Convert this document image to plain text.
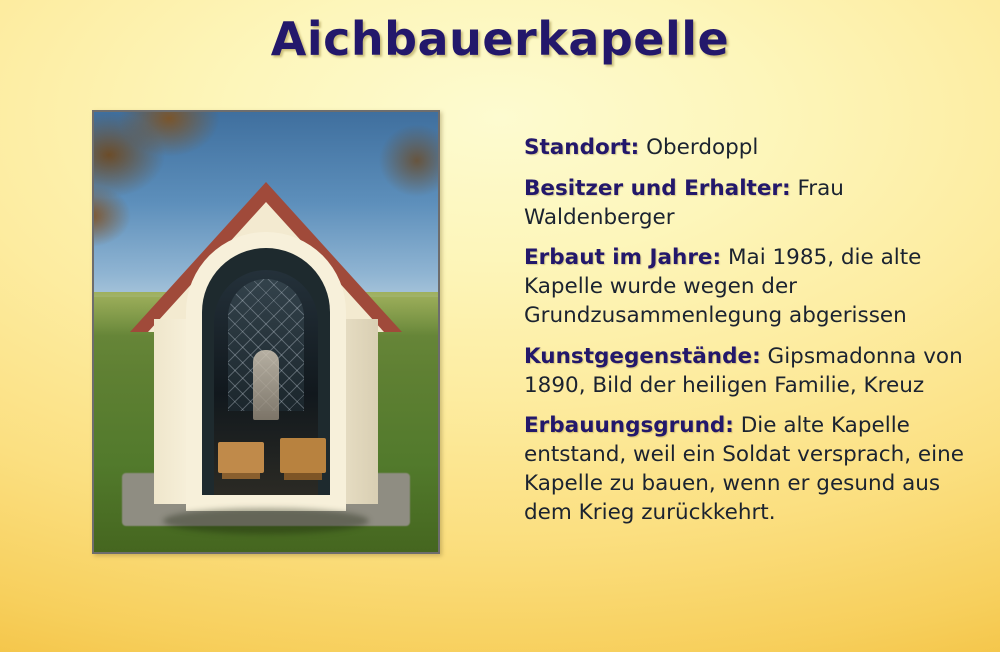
Aichbauerkapelle
Standort: Oberdoppl
Besitzer und Erhalter: Frau Waldenberger
Erbaut im Jahre: Mai 1985, die alte Kapelle wurde wegen der Grundzusammenlegung abgerissen
Kunstgegenstände: Gipsmadonna von 1890, Bild der heiligen Familie, Kreuz
Erbauungsgrund: Die alte Kapelle entstand, weil ein Soldat versprach, eine Kapelle zu bauen, wenn er gesund aus dem Krieg zurückkehrt.
